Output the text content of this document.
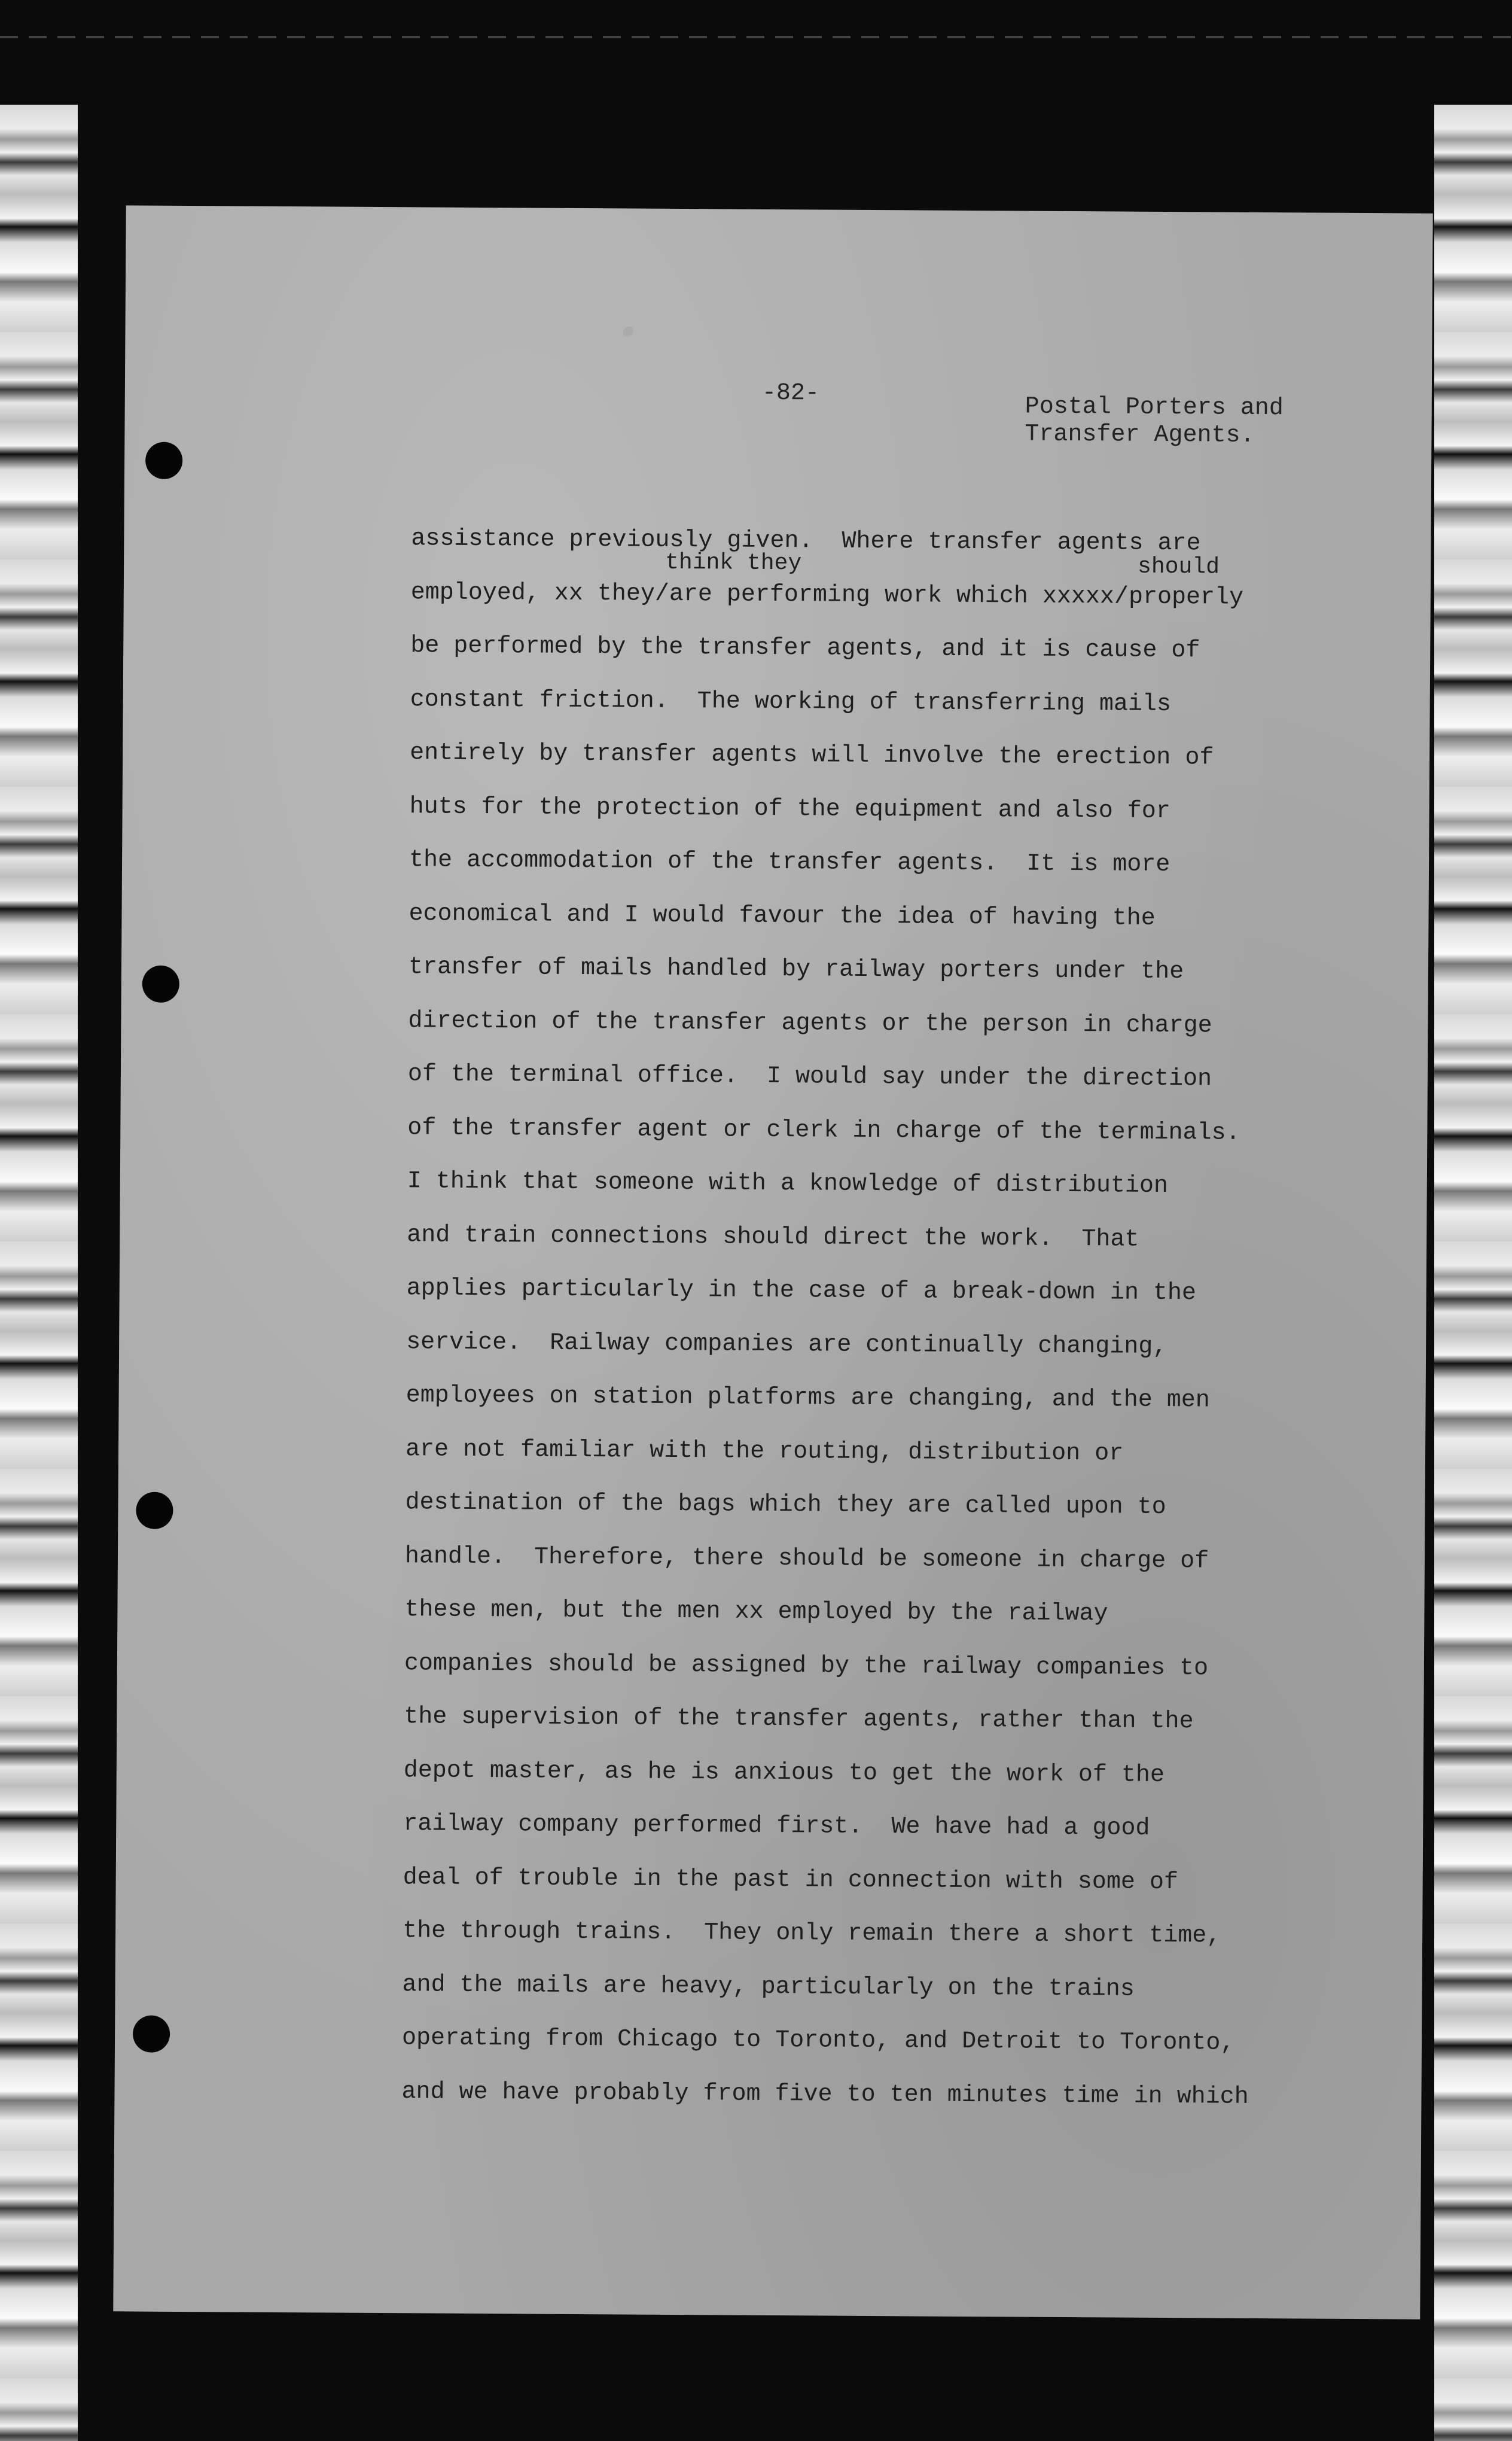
·
-82-	Postal Porters and
Transfer Agents.
think they	should
assistance previously given.  Where transfer agents are
employed, xx they/are performing work which xxxxx/properly
be performed by the transfer agents, and it is cause of
constant friction.  The working of transferring mails
entirely by transfer agents will involve the erection of
huts for the protection of the equipment and also for
the accommodation of the transfer agents.  It is more
economical and I would favour the idea of having the
transfer of mails handled by railway porters under the
direction of the transfer agents or the person in charge
of the terminal office.  I would say under the direction
of the transfer agent or clerk in charge of the terminals.
I think that someone with a knowledge of distribution
and train connections should direct the work.  That
applies particularly in the case of a break-down in the
service.  Railway companies are continually changing,
employees on station platforms are changing, and the men
are not familiar with the routing, distribution or
destination of the bags which they are called upon to
handle.  Therefore, there should be someone in charge of
these men, but the men xx employed by the railway
companies should be assigned by the railway companies to
the supervision of the transfer agents, rather than the
depot master, as he is anxious to get the work of the
railway company performed first.  We have had a good
deal of trouble in the past in connection with some of
the through trains.  They only remain there a short time,
and the mails are heavy, particularly on the trains
operating from Chicago to Toronto, and Detroit to Toronto,
and we have probably from five to ten minutes time in which
